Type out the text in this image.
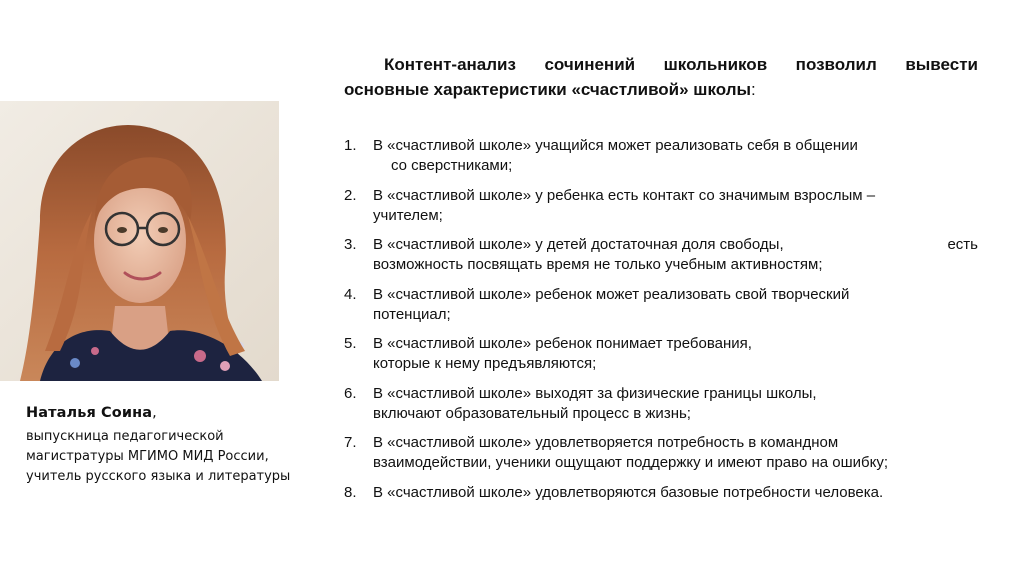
Наталья Соина,
выпускница педагогической
магистратуры МГИМО МИД России,
учитель русского языка и литературы
Контент-анализ сочинений школьников позволил вывести
основные характеристики «счастливой» школы:
1. В «счастливой школе» учащийся может реализовать себя в общении
со сверстниками;
2. В «счастливой школе» у ребенка есть контакт со значимым взрослым –
учителем;
3. В «счастливой школе» у детей достаточная доля свободы,	есть
возможность посвящать время не только учебным активностям;
4. В «счастливой школе» ребенок может реализовать свой творческий
потенциал;
5. В «счастливой школе» ребенок понимает требования,
которые к нему предъявляются;
6. В «счастливой школе» выходят за физические границы школы,
включают образовательный процесс в жизнь;
7. В «счастливой школе» удовлетворяется потребность в командном
взаимодействии, ученики ощущают поддержку и имеют право на ошибку;
8. В «счастливой школе» удовлетворяются базовые потребности человека.
